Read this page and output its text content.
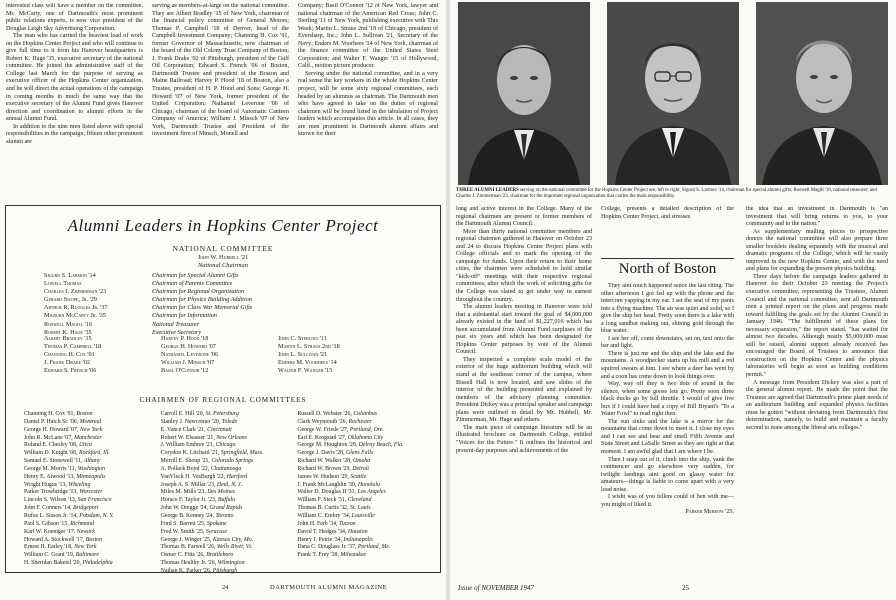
interested class will have a member on the committee. Mr. McCarty, one of Dartmouth's most prominent public relations experts, is now vice president of the Douglas Leigh Sky Advertising Corporation.

The man who has carried the heaviest load of work on the Hopkins Center Project and who will continue to give full time to it from his Hanover headquarters is Robert K. Hage '35, executive secretary of the national committee. He joined the administrative staff of the College last March for the purpose of serving as executive officer of the Hopkins Center organization, and he will direct the actual operations of the campaign in coming months in much the same way that the executive secretary of the Alumni Fund gives Hanover direction and coordination to alumni efforts in the annual Alumni Fund.

In addition to the nine men listed above with special responsibilities in the campaign, fifteen other prominent alumni are

serving as members-at-large on the national committee. They are Albert Bradley '15 of New York, chairman of the financial policy committee of General Motors; Thomas P. Campbell '18 of Denver, head of the Campbell Investment Company; Channing H. Cox '01, former Governor of Massachusetts, now chairman of the board of the Old Colony Trust Company of Boston; J. Frank Drake '02 of Pittsburgh, president of the Gulf Oil Corporation; Edward S. French '06 of Boston, Dartmouth Trustee and president of the Boston and Maine Railroad; Harvey P. Hood '18 of Boston, also a Trustee, president of H. P. Hood and Sons; George H. Howard '07 of New York, former president of the United Corporation; Nathaniel Leverone '06 of Chicago, chairman of the board of Automatic Canteen Company of America; William J. Minsch '07 of New York, Dartmouth Trustee and President of the investment firm of Minsch, Monell and

Company; Basil O'Connor '12 of New York, lawyer and national chairman of the American Red Cross; John C. Sterling '11 of New York, publishing executive with This Week; Martin L. Straus 2nd '18 of Chicago, president of Eversharp, Inc.; John L. Sullivan '21, Secretary of the Navy; Enders M. Voorhees '14 of New York, chairman of the finance committee of the United States Steel Corporation; and Walter F. Wanger '15 of Hollywood, Calif., motion picture producer.

Serving under the national committee, and in a very real sense the key workers in the whole Hopkins Center project, will be some sixty regional committees, each headed by an alumnus as chairman. The Dartmouth men who have agreed to take on the duties of regional chairmen will be found listed in the tabulation of Project leaders which accompanies this article. In all cases, they are men prominent in Dartmouth alumni affairs and known for their

Alumni Leaders in Hopkins Center Project
NATIONAL COMMITTEE
John W. Hubbell '21
National Chairman
Sigurd S. Larmon '14	Chairman for Special Alumni Gifts
Lowell Thomas	Chairman of Parents Committee
Charles J. Zimmerman '23	Chairman for Regional Organization
Gerard Swope, Jr. '29	Chairman for Physics Building Addition
Arthur R. Ruggles Jr. '37	Chairman for Class War Memorial Gifts
Milburn McCarty Jr. '35	Chairman for Information
Roswell Magill '16	National Treasurer
Robert K. Hage '35	Executive Secretary
Albert Bradley '15
Thomas P. Campbell '18
Channing H. Cox '01
J. Frank Drake '02
Edward S. French '06
Harvey P. Hood '18
George H. Howard '07
Nathaniel Leverone '06
William J. Minsch '07
Basil O'Connor '12
John C. Sterling '11
Martin L. Straus 2nd '18
John L. Sullivan '21
Enders M. Voorhees '14
Walter F. Wanger '15
CHAIRMEN OF REGIONAL COMMITTEES
Channing H. Cox '01, Boston
Daniel P. Hatch Sr. '06, Montreal
George H. Howard '07, New York
John R. McLane '07, Manchester
Roland E. Chesley '08, Utica
William D. Knight '08, Rockford, Ill.
Samuel E. Stonewell '11, Albany
George M. Morris '11, Washington
Henry E. Atwood '13, Minneapolis
Wright Hugus '13, Wheeling
Parker Trowbridge '13, Worcester
Lincoln S. Wilson '13, San Francisco
John F. Conners '14, Bridgeport
Rufus L. Sisson Jr. '14, Potsdam, N. Y.
Paul S. Gibson '15, Richmond
Karl W. Koeniger '17. Newark
Howard A. Stockwell '17, Boston
Ernest H. Earley '18, New York
William C. Grant '19, Baltimore
H. Sheridan Baketel '20, Philadelphia
Carroll E. Hill '20, St. Petersburg
Stanley J. Newcomer '20, Toledo
E. Vance Clark '21, Cincinnati
Robert W. Elsasser '21, New Orleans
J. William Embree '21, Chicago
Corydon K. Litchard '21, Springfield, Mass.
Merrill E. Shoup '21, Colorado Springs
A. Pollack Boyd '22, Chattanooga
VanVleck H. VosBurgh '22, Hartford
Joseph A. S. Millar '23, Deal, N. J.
Miles M. Mills '23, Des Moines
Horace F. Taylor Jr. '23, Buffalo
John W. Dregge '24, Grand Rapids
George B. Kenney '24, Toronto
Ford S. Barrett '25, Spokane
Fred W. Smith '25, Syracuse
George J. Winger '25, Kansas City, Mo.
Thomas B. Farwell '26, Wells River, Vt.
Osmer C. Fitts '26, Brattleboro
Thomas Healthy Jr. '26, Wilmington
Nathan K. Parker '26, Pittsburgh
Russell D. Webster '26, Columbus
Clark Weymouth '26, Rochester
George W. Friede '27, Portland, Ore.
Earl E. Krogstad '27, Oklahoma City
George M. Houghton '28, Delray Beach, Fla.
George J. Davis '28, Glens Falls
Richard W. Walker '28, Omaha
Richard W. Brown '29, Detroit
James W. Hudson '29, Seattle
J. Frank McLaughlin '30, Honolulu
Walter D. Douglas II '31, Los Angeles
William F. Steck '31, Cleveland
Thomas B. Curtis '32, St. Louis
William C. Embry '34, Louisville
John H. Ferb '34, Tucson
David T. Hedges '34, Houston
Henry J. Petrie '34, Indianapolis
Dana C. Douglass Jr. '37, Portland, Me.
Frank T. Frey '38, Milwaukee
24	DARTMOUTH ALUMNI MAGAZINE
THREE ALUMNI LEADERS serving on the national committee for the Hopkins Center Project are, left to right, Sigurd S. Larmon '14, chairman for special alumni gifts; Roswell Magill '16, national treasurer; and Charles J. Zimmerman '23, chairman for the important regional organization that carries the main responsibility.

long and active interest in the College. Many of the regional chairmen are present or former members of the Dartmouth Alumni Council.

More than thirty national committee members and regional chairmen gathered in Hanover on October 23 and 24 to discuss Hopkins Center Project plans with College officials and to mark the opening of the campaign for funds. Upon their return to their home cities, the chairmen were scheduled to hold similar "kick-off" meetings with their respective regional committees, after which the work of soliciting gifts for the College was slated to get under way in earnest throughout the country.

The alumni leaders meeting in Hanover were told that a substantial start toward the goal of $4,000,000 already existed in the fund of $1,227,016 which has been accumulated from Alumni Fund surpluses of the past six years and which has been designated for Hopkins Center purposes by vote of the Alumni Council.

They inspected a complete scale model of the exterior of the huge auditorium building which will stand at the southeast corner of the campus, where Bissell Hall is now located, and saw slides of the interior of the building presented and explained by members of the advisory planning committee. President Dickey was a principal speaker and campaign plans were outlined in detail by Mr. Hubbell, Mr. Zimmerman, Mr. Hage and others.

The main piece of campaign literature will be an illustrated brochure on Dartmouth College, entitled "Voices for the Future." It outlines the historical and present-day purposes and achievements of the

College, presents a detailed description of the Hopkins Center Project, and stresses

North of Boston

They aint much happened sence the last riting. The other afternoon I got fed up with the phone and the intercom yapping in my ear. I set the seat of my pants into a flying machine. The air was quiet and solid, so I give the ship her head. Pretty soon there is a lake with a long sandbar making out, shining gold through the blue water.

I see her off, come downstairs, set on, taxi onto the bar and light.

There is just me and the ship and the lake and the mountains. A woodpecker starts up his mill and a red squirrel swears at him. I see where a deer has went by and a coon has come down to look things over.

Way, way off they is two dots of sound in the silence, when some goose lets go. Pretty soon three black ducks go by full throttle. I would of give five bux if I could have had a copy of Bill Bryant's "To a Water Fowl" to read right then.

The sun sinks and the lake is a mirror for the mountains that come down to meet it. I close my eyes and I can see and hear and smell Fifth Avenue and State Street and LaSalle Street as they are right at that moment. I am awful glad that I am where I be.

Then I snap out of it, climb into the ship, yank the commencer and go elsewhere very sudden, for twilight landings aint good on glassy water for amateurs—things is liable to come apart with a very loud noise.

I wisht was of you fellers could of ben with me—you might of liked it.

Parker Merrow '25.

the idea that an investment in Dartmouth is "an investment that will bring returns to you, to your community and to the nation."

As supplementary mailing pieces to prospective donors the national committee will also prepare three smaller booklets dealing separately with the musical and dramatic programs of the College, which will be vastly improved in the new Hopkins Center, and with the need and plans for expanding the present physics building.

Three days before the campaign leaders gathered in Hanover for their October 23 meeting the Project's executive committee, representing the Trustees, Alumni Council and the national committee, sent all Dartmouth men a printed report on the plans and progress made toward fulfilling the goals set by the Alumni Council in January 1946. "The fulfillment of these plans for necessary expansion," the report stated, "has waited for almost two decades. Although nearly $5,000,000 must still be raised, alumni support already received has encouraged the Board of Trustees to announce that construction on the Hopkins Center and the physics laboratories will begin as soon as building conditions permit."

A message from President Dickey was also a part of the general alumni report. He made the point that the Trustees are agreed that Dartmouth's prime plant needs of an auditorium building and expanded physics facilities must be gotten "without deviating from Dartmouth's first determination, namely, to build and maintain a faculty second to none among the liberal arts colleges."

Issue of NOVEMBER 1947	25
